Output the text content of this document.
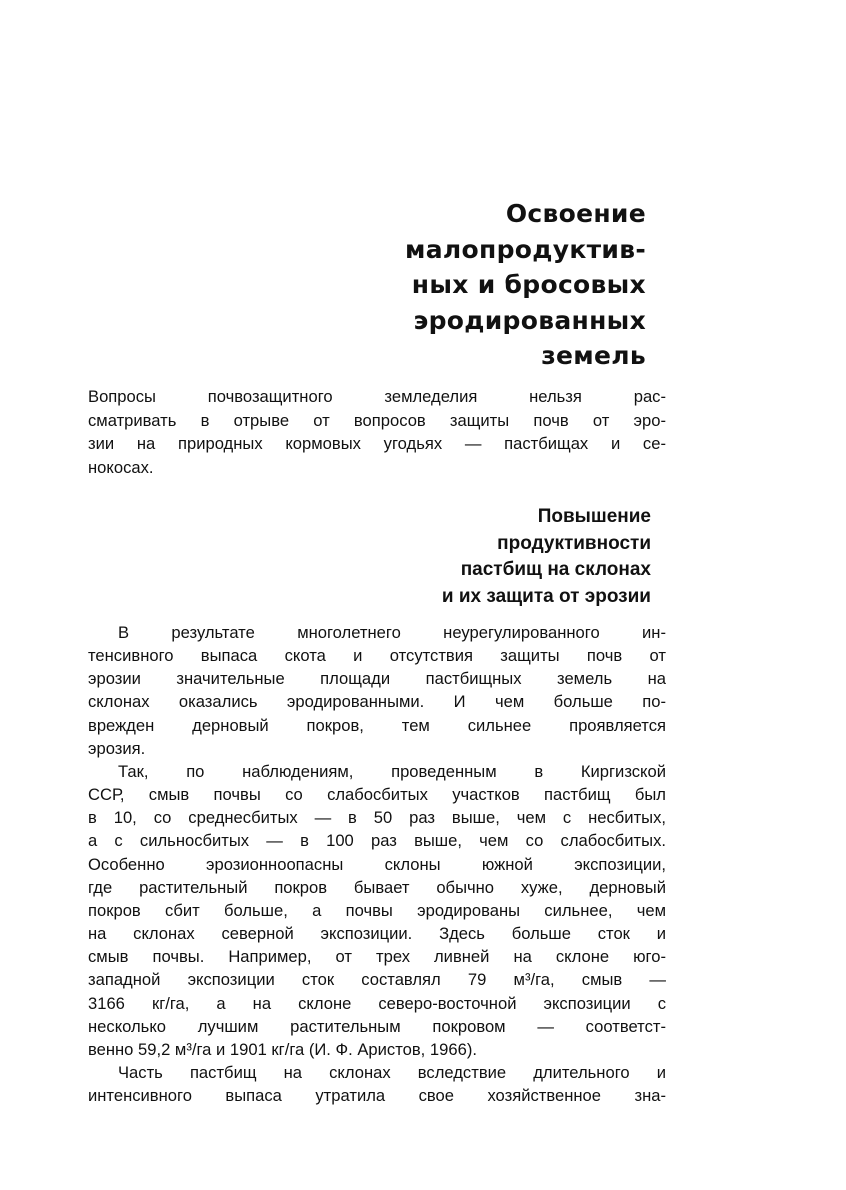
Освоение
малопродуктив-
ных и бросовых
эродированных
земель
Вопросы почвозащитного земледелия нельзя рас-
сматривать в отрыве от вопросов защиты почв от эро-
зии на природных кормовых угодьях — пастбищах и се-
нокосах.
Повышение
продуктивности
пастбищ на склонах
и их защита от эрозии
В результате многолетнего неурегулированного ин-
тенсивного выпаса скота и отсутствия защиты почв от
эрозии значительные площади пастбищных земель на
склонах оказались эродированными. И чем больше по-
врежден дерновый покров, тем сильнее проявляется
эрозия.
Так, по наблюдениям, проведенным в Киргизской
ССР, смыв почвы со слабосбитых участков пастбищ был
в 10, со среднесбитых — в 50 раз выше, чем с несбитых,
а с сильносбитых — в 100 раз выше, чем со слабосбитых.
Особенно эрозионноопасны склоны южной экспозиции,
где растительный покров бывает обычно хуже, дерновый
покров сбит больше, а почвы эродированы сильнее, чем
на склонах северной экспозиции. Здесь больше сток и
смыв почвы. Например, от трех ливней на склоне юго-
западной экспозиции сток составлял 79 м³/га, смыв —
3166 кг/га, а на склоне северо-восточной экспозиции с
несколько лучшим растительным покровом — соответст-
венно 59,2 м³/га и 1901 кг/га (И. Ф. Аристов, 1966).
Часть пастбищ на склонах вследствие длительного и
интенсивного выпаса утратила свое хозяйственное зна-
